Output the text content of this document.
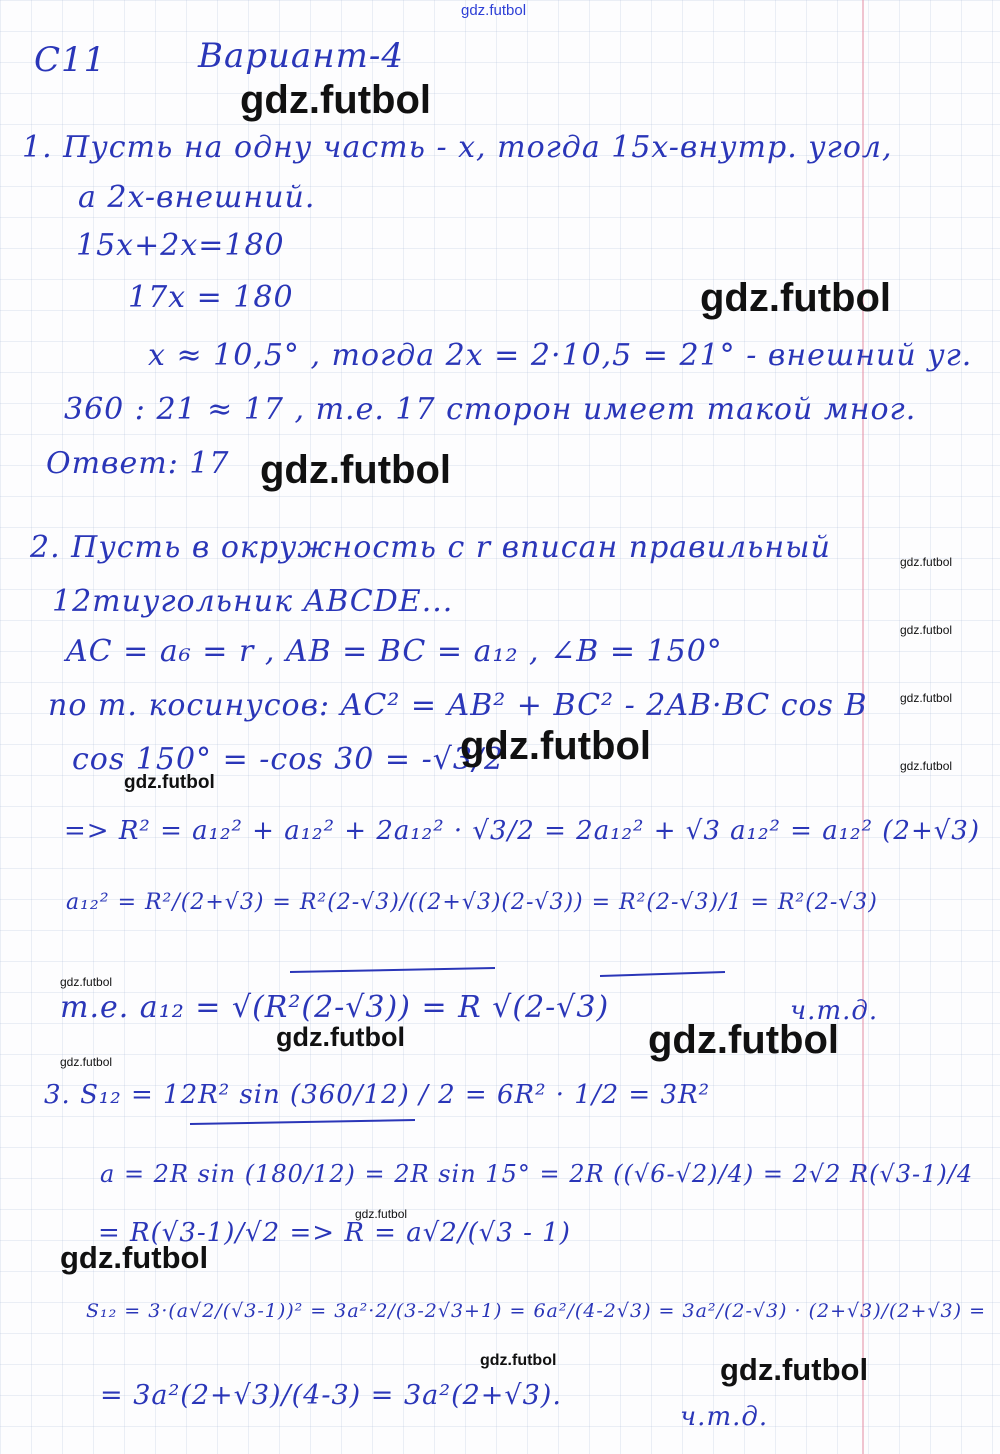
С11	Вариант-4

1. Пусть на одну часть - x, тогда 15x-внутр. угол,

а 2x-внешний.

15x+2x=180

17x = 180

x ≈ 10,5° , тогда 2x = 2·10,5 = 21° - внешний уг.

360 : 21 ≈ 17 , т.е. 17 сторон имеет такой мног.

Ответ: 17

2. Пусть в окружность с r вписан правильный

12тиугольник ABCDE...

AC = a₆ = r , AB = BC = a₁₂ , ∠B = 150°

по т. косинусов: AC² = AB² + BC² - 2AB·BC cos B

cos 150° = -cos 30 = -√3/2

=> R² = a₁₂² + a₁₂² + 2a₁₂² · √3/2 = 2a₁₂² + √3 a₁₂² = a₁₂² (2+√3)

a₁₂² = R²/(2+√3) = R²(2-√3)/((2+√3)(2-√3)) = R²(2-√3)/1 = R²(2-√3)

т.е. a₁₂ = √(R²(2-√3)) = R √(2-√3)	ч.т.д.

3. S₁₂ = 12R² sin (360/12) / 2 = 6R² · 1/2 = 3R²

a = 2R sin (180/12) = 2R sin 15° = 2R ((√6-√2)/4) = 2√2 R(√3-1)/4

= R(√3-1)/√2 => R = a√2/(√3 - 1)

S₁₂ = 3·(a√2/(√3-1))² = 3a²·2/(3-2√3+1) = 6a²/(4-2√3) = 3a²/(2-√3) · (2+√3)/(2+√3) =

= 3a²(2+√3)/(4-3) = 3a²(2+√3).

ч.т.д.

gdz.futbol

gdz.futbol

gdz.futbol

gdz.futbol

gdz.futbol

gdz.futbol

gdz.futbol

gdz.futbol

gdz.futbol

gdz.futbol

gdz.futbol

gdz.futbol

gdz.futbol

gdz.futbol

gdz.futbol

gdz.futbol

gdz.futbol

gdz.futbol
